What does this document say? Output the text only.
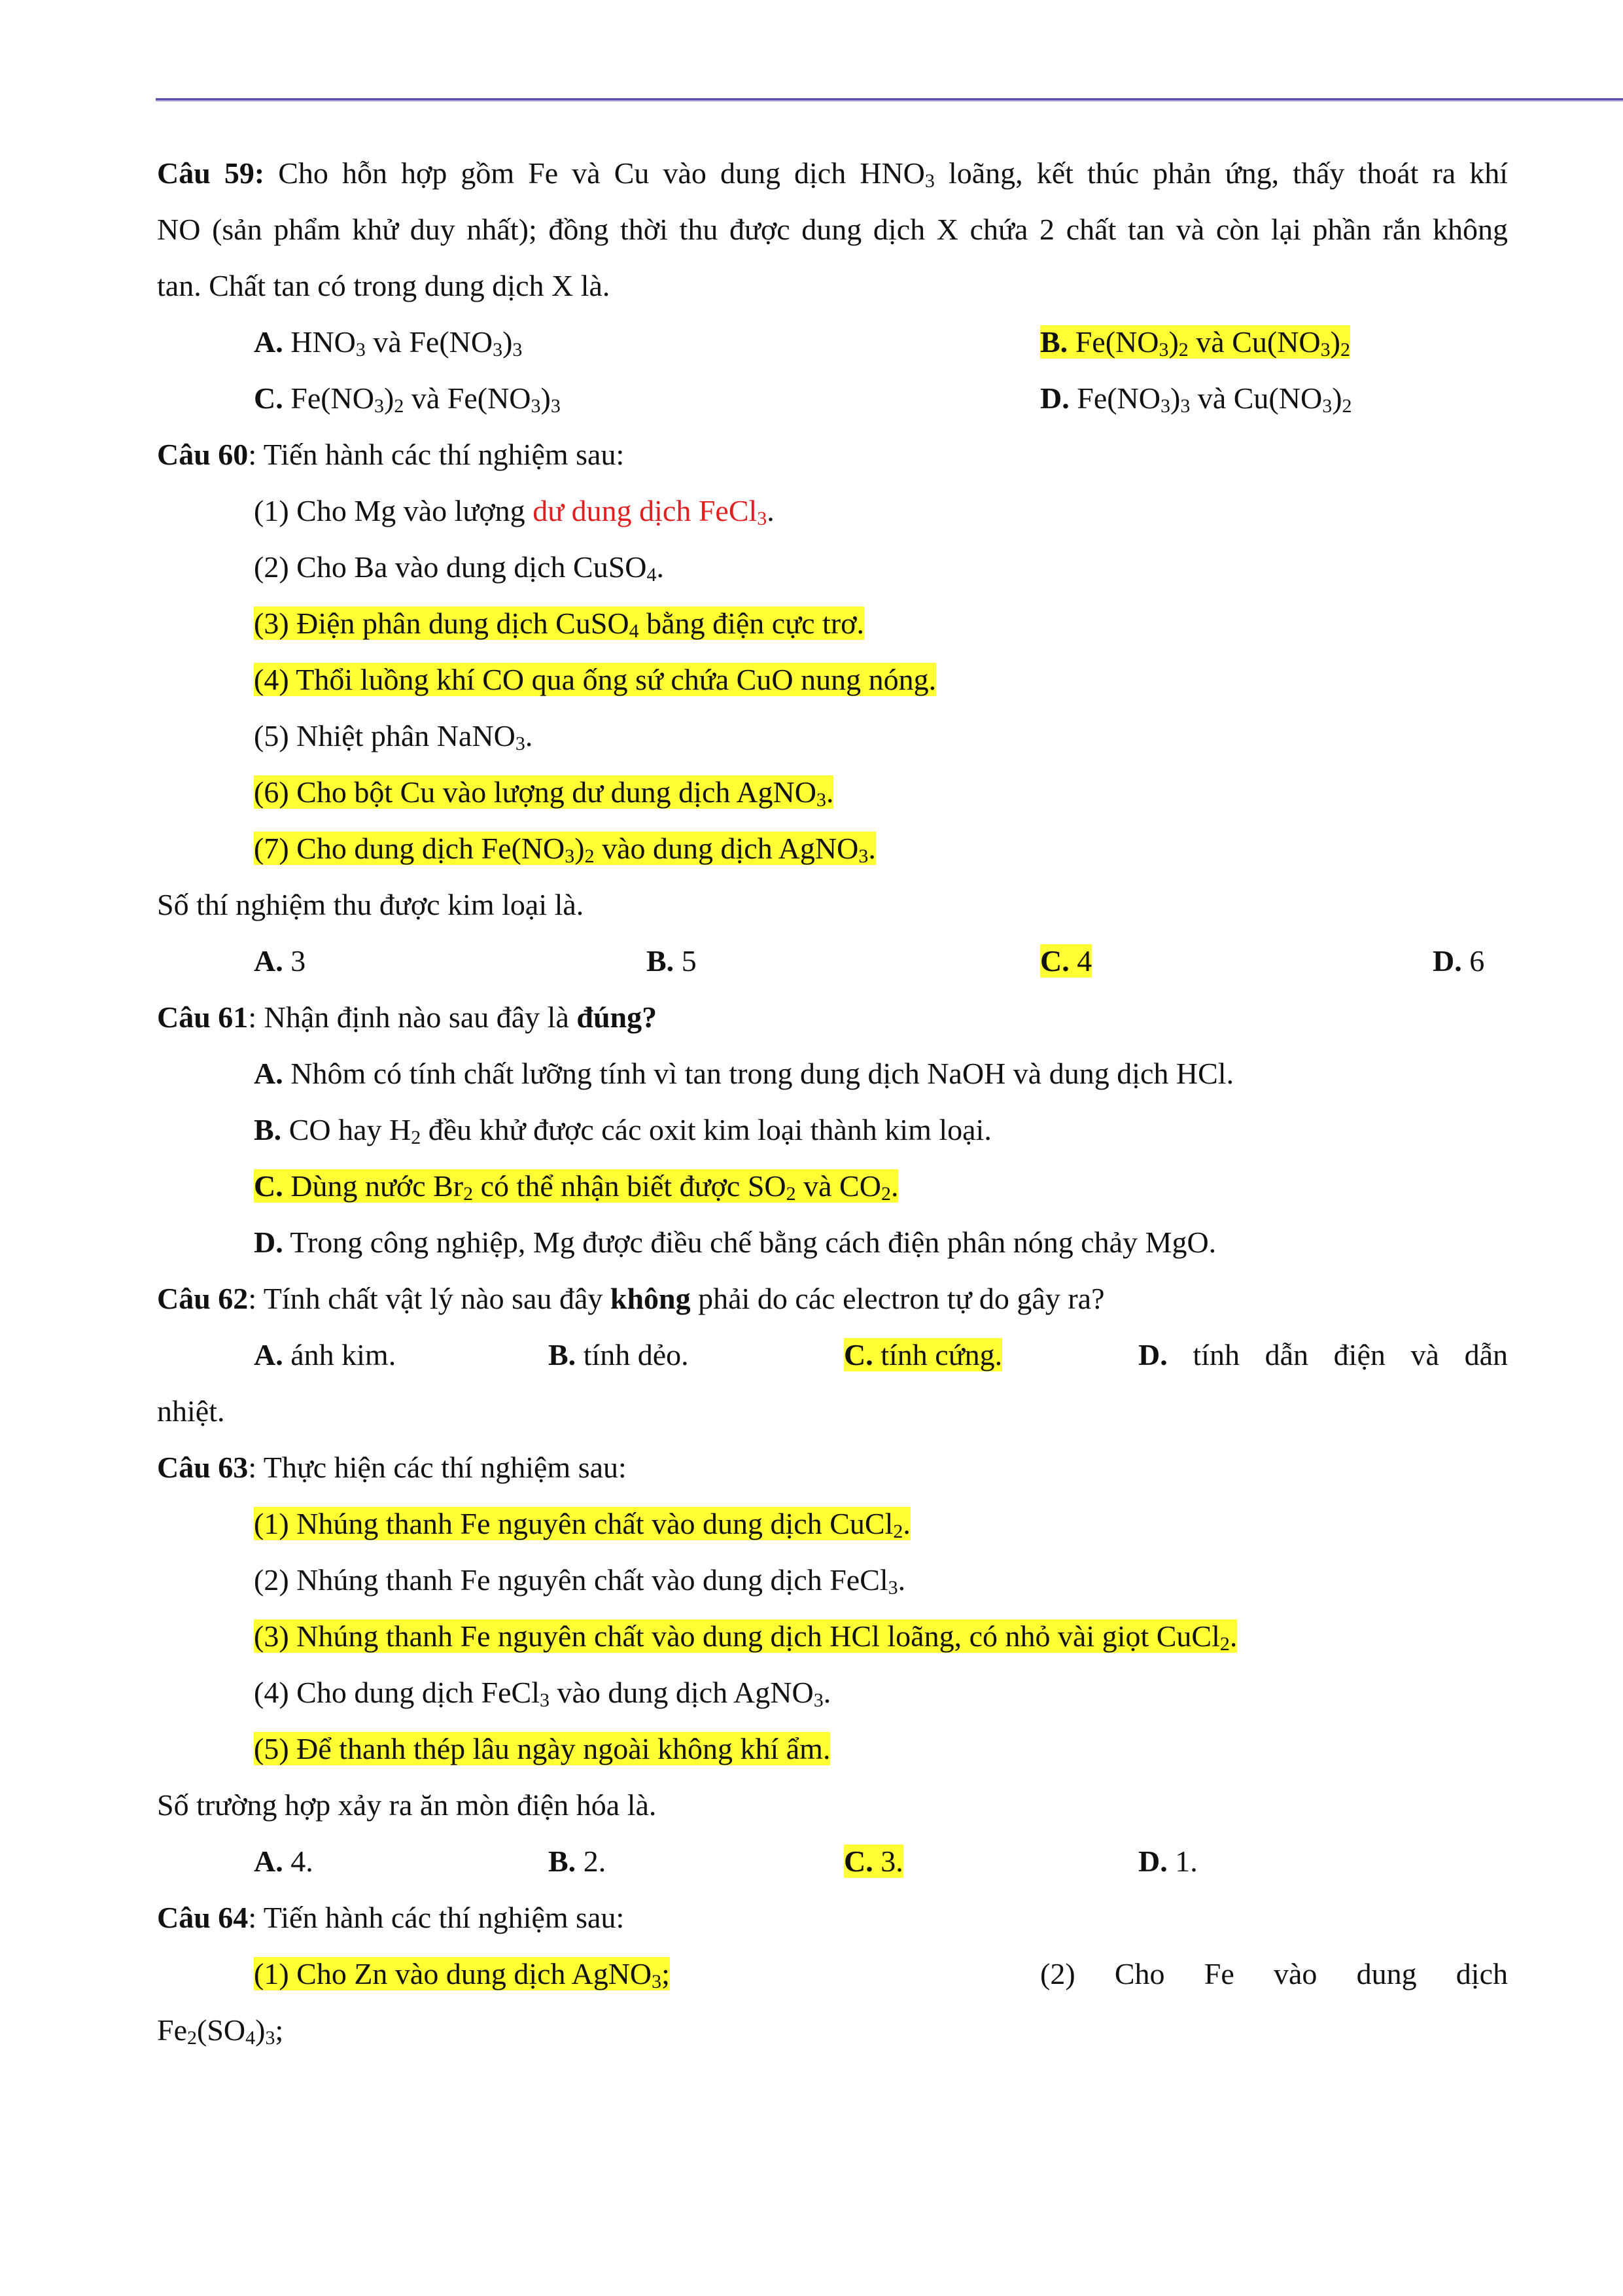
Câu 59: Cho hỗn hợp gồm Fe và Cu vào dung dịch $HNO_3$ loãng, kết thúc phản ứng, thấy thoát ra khí
NO (sản phẩm khử duy nhất); đồng thời thu được dung dịch X chứa 2 chất tan và còn lại phần rắn không
tan. Chất tan có trong dung dịch X là.
A. $HNO_3$ và $Fe(NO_3)_3$	B. $Fe(NO_3)_2$ và $Cu(NO_3)_2$
C. $Fe(NO_3)_2$ và $Fe(NO_3)_3$	D. $Fe(NO_3)_3$ và $Cu(NO_3)_2$
Câu 60: Tiến hành các thí nghiệm sau:
(1) Cho Mg vào lượng dư dung dịch FeCl$_3$.
(2) Cho Ba vào dung dịch CuSO$_4$.
(3) Điện phân dung dịch CuSO$_4$ bằng điện cực trơ.
(4) Thổi luồng khí CO qua ống sứ chứa CuO nung nóng.
(5) Nhiệt phân NaNO$_3$.
(6) Cho bột Cu vào lượng dư dung dịch AgNO$_3$.
(7) Cho dung dịch $Fe(NO_3)_2$ vào dung dịch AgNO$_3$.
Số thí nghiệm thu được kim loại là.
A. 3	B. 5	C. 4	D. 6
Câu 61: Nhận định nào sau đây là đúng?
A. Nhôm có tính chất lưỡng tính vì tan trong dung dịch NaOH và dung dịch HCl.
B. CO hay $H_2$ đều khử được các oxit kim loại thành kim loại.
C. Dùng nước $Br_2$ có thể nhận biết được $SO_2$ và $CO_2$.
D. Trong công nghiệp, Mg được điều chế bằng cách điện phân nóng chảy MgO.
Câu 62: Tính chất vật lý nào sau đây không phải do các electron tự do gây ra?
A. ánh kim.	B. tính dẻo.	C. tính cứng.	D. tính dẫn điện và dẫn
nhiệt.
Câu 63: Thực hiện các thí nghiệm sau:
(1) Nhúng thanh Fe nguyên chất vào dung dịch CuCl$_2$.
(2) Nhúng thanh Fe nguyên chất vào dung dịch FeCl$_3$.
(3) Nhúng thanh Fe nguyên chất vào dung dịch HCl loãng, có nhỏ vài giọt CuCl$_2$.
(4) Cho dung dịch FeCl$_3$ vào dung dịch AgNO$_3$.
(5) Để thanh thép lâu ngày ngoài không khí ẩm.
Số trường hợp xảy ra ăn mòn điện hóa là.
A. 4.	B. 2.	C. 3.	D. 1.
Câu 64: Tiến hành các thí nghiệm sau:
(1) Cho Zn vào dung dịch AgNO$_3$;	(2) Cho Fe vào dung dịch
$Fe_2(SO_4)_3$;
